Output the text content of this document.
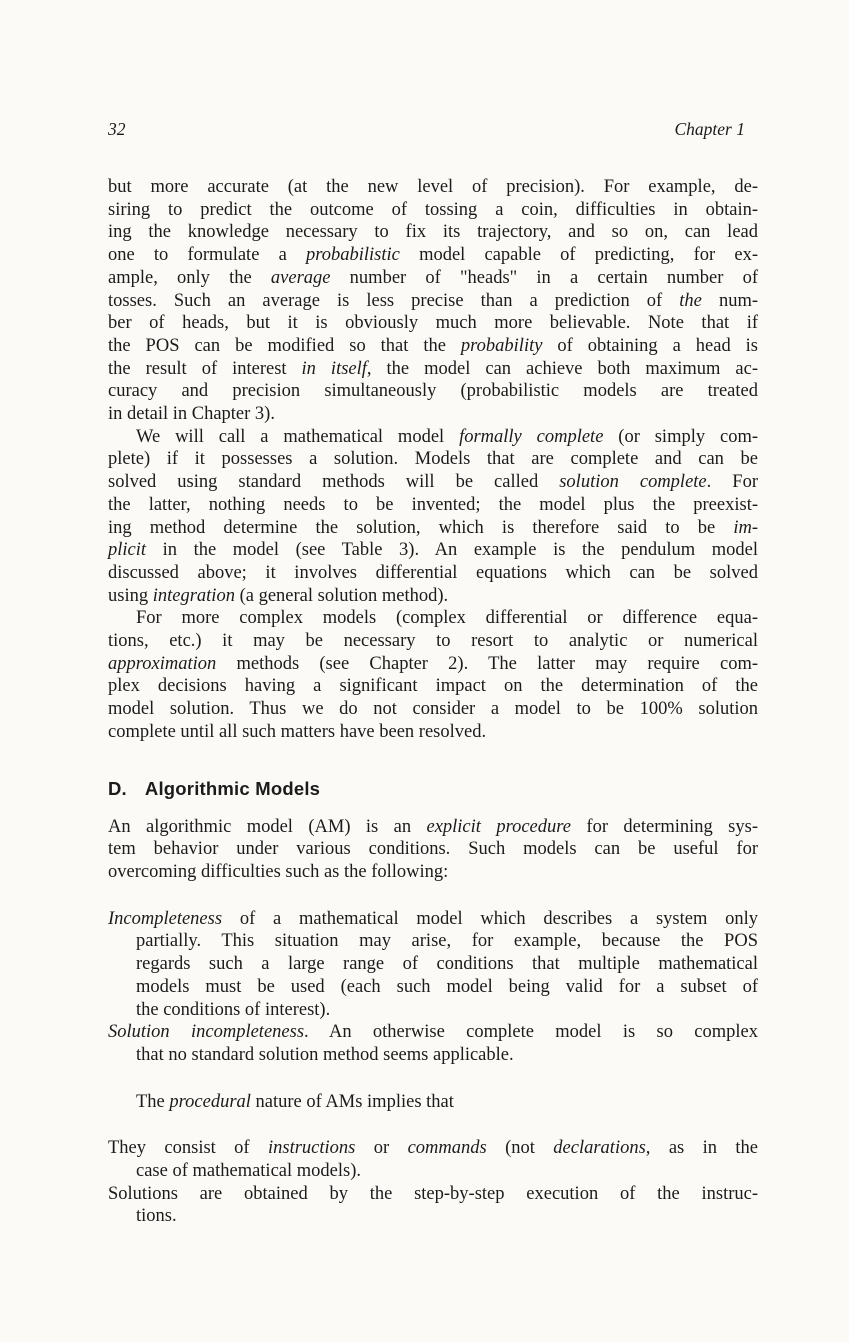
32	Chapter 1
but more accurate (at the new level of precision). For example, de-
siring to predict the outcome of tossing a coin, difficulties in obtain-
ing the knowledge necessary to fix its trajectory, and so on, can lead
one to formulate a probabilistic model capable of predicting, for ex-
ample, only the average number of "heads" in a certain number of
tosses. Such an average is less precise than a prediction of the num-
ber of heads, but it is obviously much more believable. Note that if
the POS can be modified so that the probability of obtaining a head is
the result of interest in itself, the model can achieve both maximum ac-
curacy and precision simultaneously (probabilistic models are treated
in detail in Chapter 3).
We will call a mathematical model formally complete (or simply com-
plete) if it possesses a solution. Models that are complete and can be
solved using standard methods will be called solution complete. For
the latter, nothing needs to be invented; the model plus the preexist-
ing method determine the solution, which is therefore said to be im-
plicit in the model (see Table 3). An example is the pendulum model
discussed above; it involves differential equations which can be solved
using integration (a general solution method).
For more complex models (complex differential or difference equa-
tions, etc.) it may be necessary to resort to analytic or numerical
approximation methods (see Chapter 2). The latter may require com-
plex decisions having a significant impact on the determination of the
model solution. Thus we do not consider a model to be 100% solution
complete until all such matters have been resolved.
D. Algorithmic Models
An algorithmic model (AM) is an explicit procedure for determining sys-
tem behavior under various conditions. Such models can be useful for
overcoming difficulties such as the following:
Incompleteness of a mathematical model which describes a system only
partially. This situation may arise, for example, because the POS
regards such a large range of conditions that multiple mathematical
models must be used (each such model being valid for a subset of
the conditions of interest).
Solution incompleteness. An otherwise complete model is so complex
that no standard solution method seems applicable.
The procedural nature of AMs implies that
They consist of instructions or commands (not declarations, as in the
case of mathematical models).
Solutions are obtained by the step-by-step execution of the instruc-
tions.
